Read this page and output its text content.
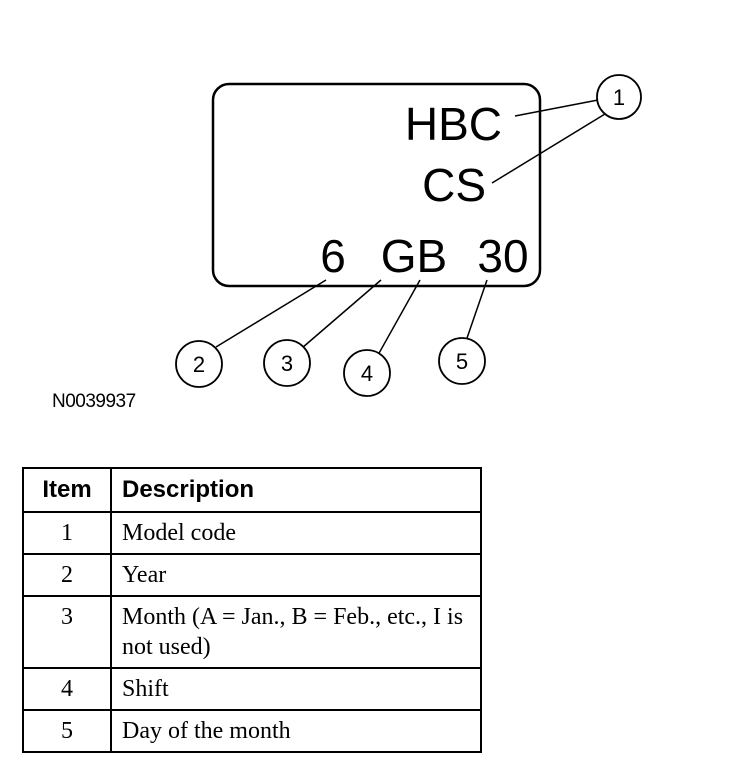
HBC
CS
6 GB 30
1
2	3	4	5
N0039937
Item	Description
1	Model code
2	Year
3	Month (A = Jan., B = Feb., etc., I is not used)
4	Shift
5	Day of the month
